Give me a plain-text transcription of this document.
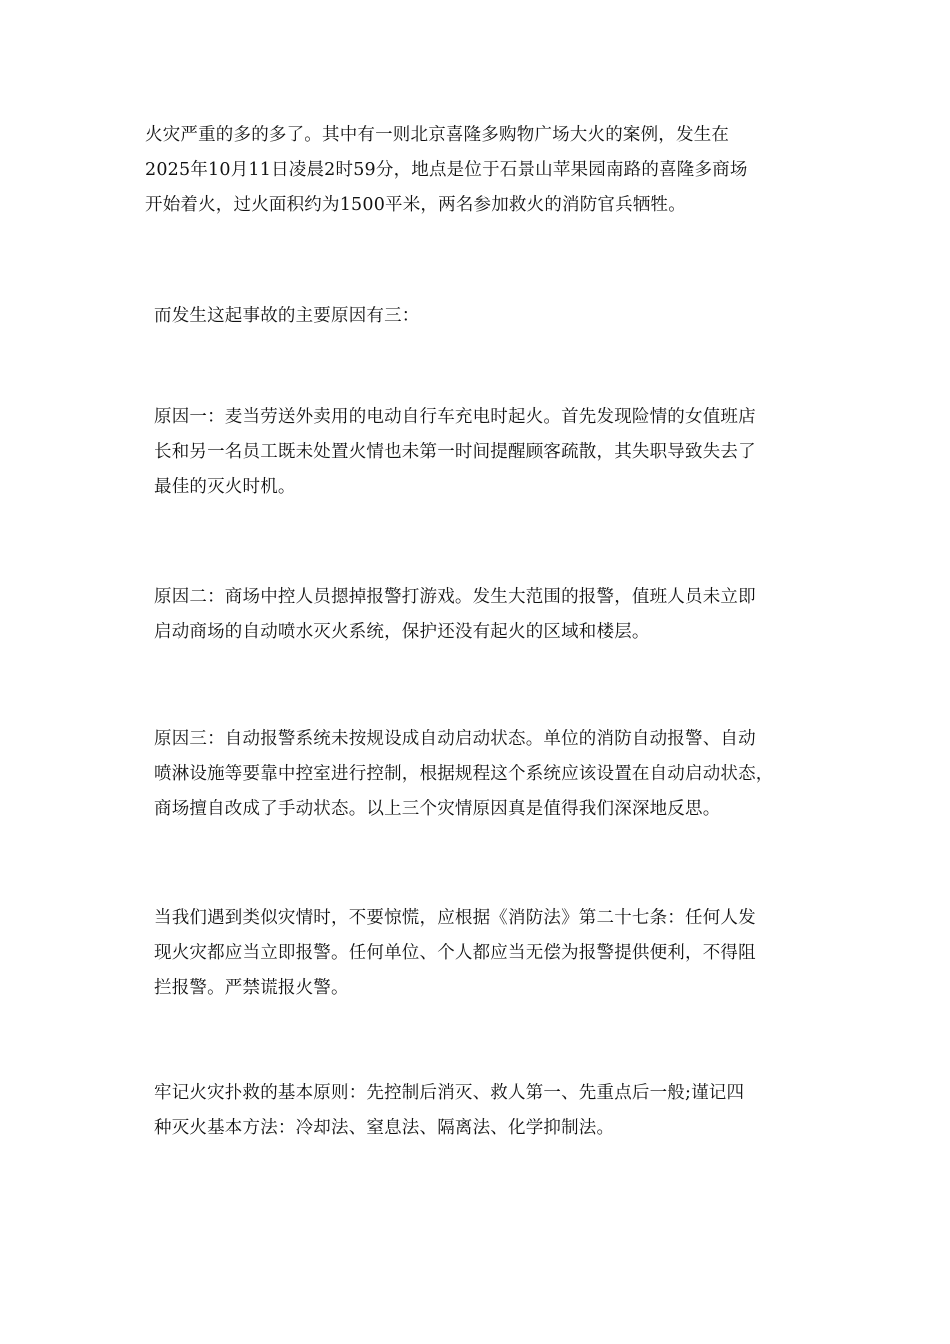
火灾严重的多的多了。其中有一则北京喜隆多购物广场大火的案例，发生在
2025年10月11日凌晨2时59分，地点是位于石景山苹果园南路的喜隆多商场
开始着火，过火面积约为1500平米，两名参加救火的消防官兵牺牲。

而发生这起事故的主要原因有三：

原因一：麦当劳送外卖用的电动自行车充电时起火。首先发现险情的女值班店
长和另一名员工既未处置火情也未第一时间提醒顾客疏散，其失职导致失去了
最佳的灭火时机。

原因二：商场中控人员摁掉报警打游戏。发生大范围的报警，值班人员未立即
启动商场的自动喷水灭火系统，保护还没有起火的区域和楼层。

原因三：自动报警系统未按规设成自动启动状态。单位的消防自动报警、自动
喷淋设施等要靠中控室进行控制，根据规程这个系统应该设置在自动启动状态，
商场擅自改成了手动状态。以上三个灾情原因真是值得我们深深地反思。

当我们遇到类似灾情时，不要惊慌，应根据《消防法》第二十七条：任何人发
现火灾都应当立即报警。任何单位、个人都应当无偿为报警提供便利，不得阻
拦报警。严禁谎报火警。

牢记火灾扑救的基本原则：先控制后消灭、救人第一、先重点后一般;谨记四
种灭火基本方法：冷却法、窒息法、隔离法、化学抑制法。
